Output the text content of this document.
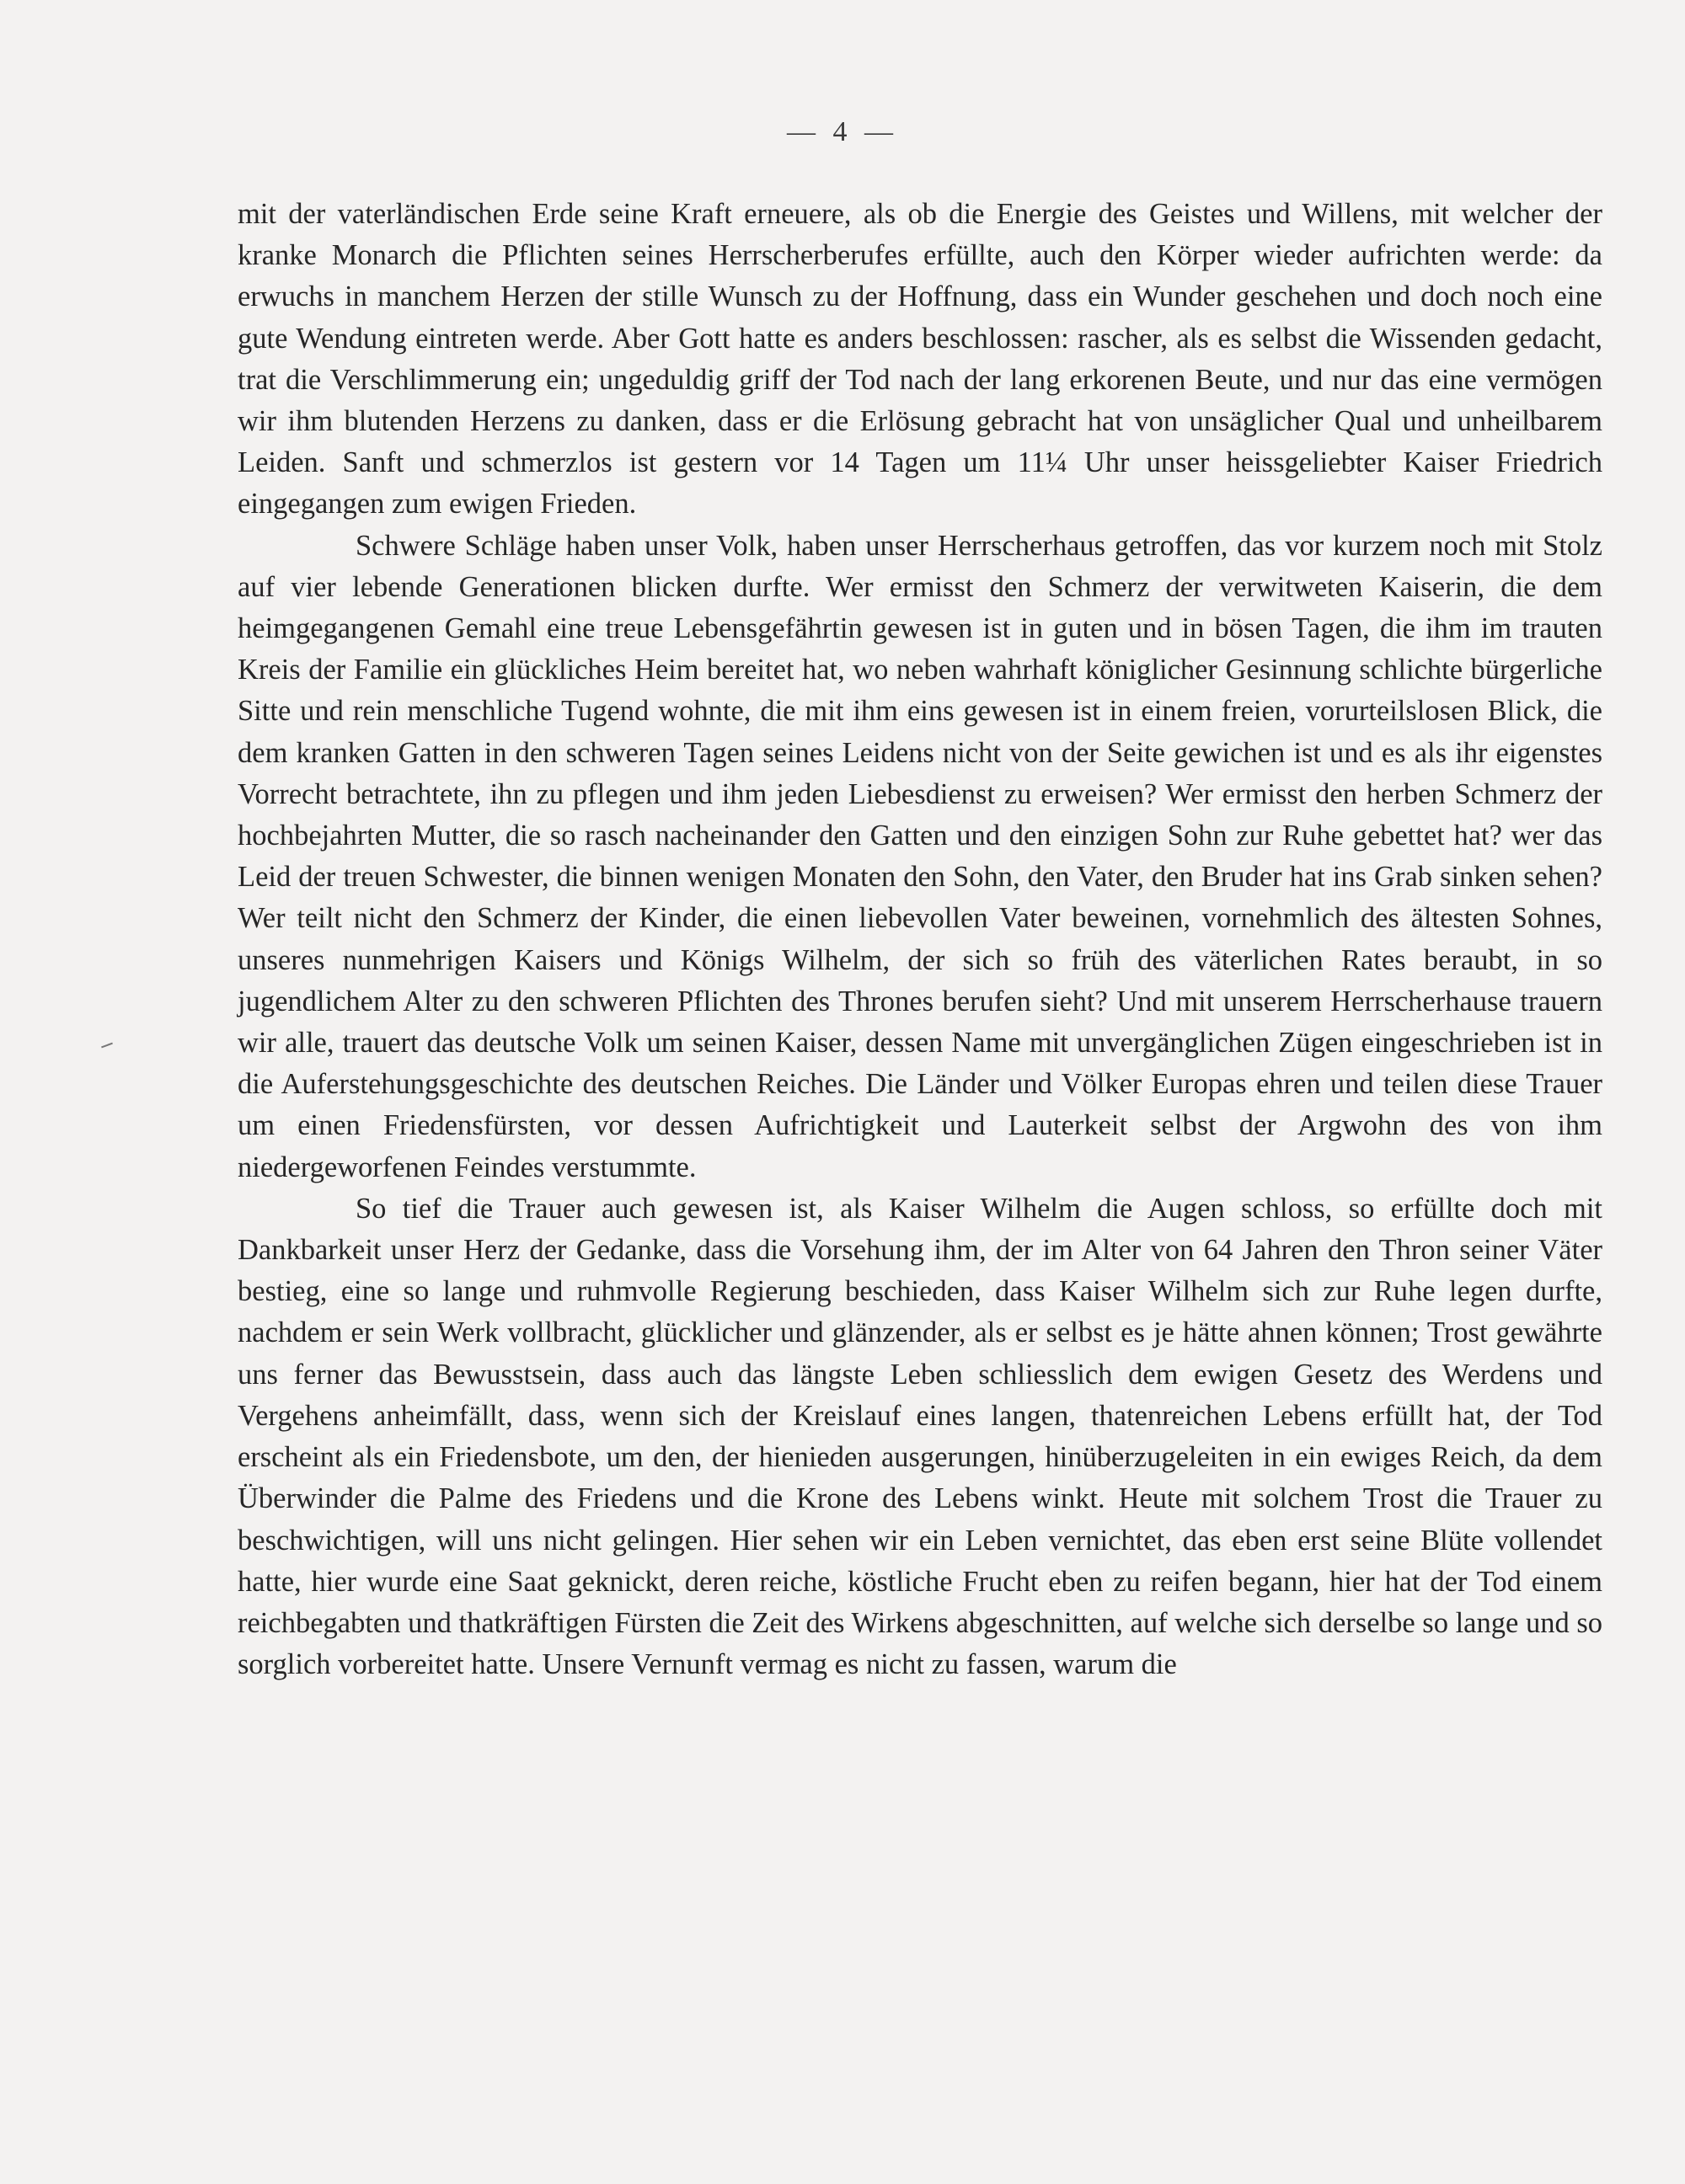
— 4 —

mit der vaterländischen Erde seine Kraft erneuere, als ob die Energie des Geistes und Willens, mit welcher der kranke Monarch die Pflichten seines Herrscherberufes erfüllte, auch den Körper wieder aufrichten werde: da erwuchs in manchem Herzen der stille Wunsch zu der Hoffnung, dass ein Wunder geschehen und doch noch eine gute Wendung eintreten werde. Aber Gott hatte es anders beschlossen: rascher, als es selbst die Wissenden gedacht, trat die Verschlimmerung ein; ungeduldig griff der Tod nach der lang erkorenen Beute, und nur das eine vermögen wir ihm blutenden Herzens zu danken, dass er die Erlösung gebracht hat von unsäglicher Qual und unheilbarem Leiden. Sanft und schmerzlos ist gestern vor 14 Tagen um 11¼ Uhr unser heissgeliebter Kaiser Friedrich eingegangen zum ewigen Frieden.

Schwere Schläge haben unser Volk, haben unser Herrscherhaus getroffen, das vor kurzem noch mit Stolz auf vier lebende Generationen blicken durfte. Wer ermisst den Schmerz der verwitweten Kaiserin, die dem heimgegangenen Gemahl eine treue Lebensgefährtin gewesen ist in guten und in bösen Tagen, die ihm im trauten Kreis der Familie ein glückliches Heim bereitet hat, wo neben wahrhaft königlicher Gesinnung schlichte bürgerliche Sitte und rein menschliche Tugend wohnte, die mit ihm eins gewesen ist in einem freien, vorurteilslosen Blick, die dem kranken Gatten in den schweren Tagen seines Leidens nicht von der Seite gewichen ist und es als ihr eigenstes Vorrecht betrachtete, ihn zu pflegen und ihm jeden Liebesdienst zu erweisen? Wer ermisst den herben Schmerz der hochbejahrten Mutter, die so rasch nacheinander den Gatten und den einzigen Sohn zur Ruhe gebettet hat? wer das Leid der treuen Schwester, die binnen wenigen Monaten den Sohn, den Vater, den Bruder hat ins Grab sinken sehen? Wer teilt nicht den Schmerz der Kinder, die einen liebevollen Vater beweinen, vornehmlich des ältesten Sohnes, unseres nunmehrigen Kaisers und Königs Wilhelm, der sich so früh des väterlichen Rates beraubt, in so jugendlichem Alter zu den schweren Pflichten des Thrones berufen sieht? Und mit unserem Herrscherhause trauern wir alle, trauert das deutsche Volk um seinen Kaiser, dessen Name mit unvergänglichen Zügen eingeschrieben ist in die Auferstehungsgeschichte des deutschen Reiches. Die Länder und Völker Europas ehren und teilen diese Trauer um einen Friedensfürsten, vor dessen Aufrichtigkeit und Lauterkeit selbst der Argwohn des von ihm niedergeworfenen Feindes verstummte.

So tief die Trauer auch gewesen ist, als Kaiser Wilhelm die Augen schloss, so erfüllte doch mit Dankbarkeit unser Herz der Gedanke, dass die Vorsehung ihm, der im Alter von 64 Jahren den Thron seiner Väter bestieg, eine so lange und ruhmvolle Regierung beschieden, dass Kaiser Wilhelm sich zur Ruhe legen durfte, nachdem er sein Werk vollbracht, glücklicher und glänzender, als er selbst es je hätte ahnen können; Trost gewährte uns ferner das Bewusstsein, dass auch das längste Leben schliesslich dem ewigen Gesetz des Werdens und Vergehens anheimfällt, dass, wenn sich der Kreislauf eines langen, thatenreichen Lebens erfüllt hat, der Tod erscheint als ein Friedensbote, um den, der hienieden ausgerungen, hinüberzugeleiten in ein ewiges Reich, da dem Überwinder die Palme des Friedens und die Krone des Lebens winkt. Heute mit solchem Trost die Trauer zu beschwichtigen, will uns nicht gelingen. Hier sehen wir ein Leben vernichtet, das eben erst seine Blüte vollendet hatte, hier wurde eine Saat geknickt, deren reiche, köstliche Frucht eben zu reifen begann, hier hat der Tod einem reichbegabten und thatkräftigen Fürsten die Zeit des Wirkens abgeschnitten, auf welche sich derselbe so lange und so sorglich vorbereitet hatte. Unsere Vernunft vermag es nicht zu fassen, warum die
